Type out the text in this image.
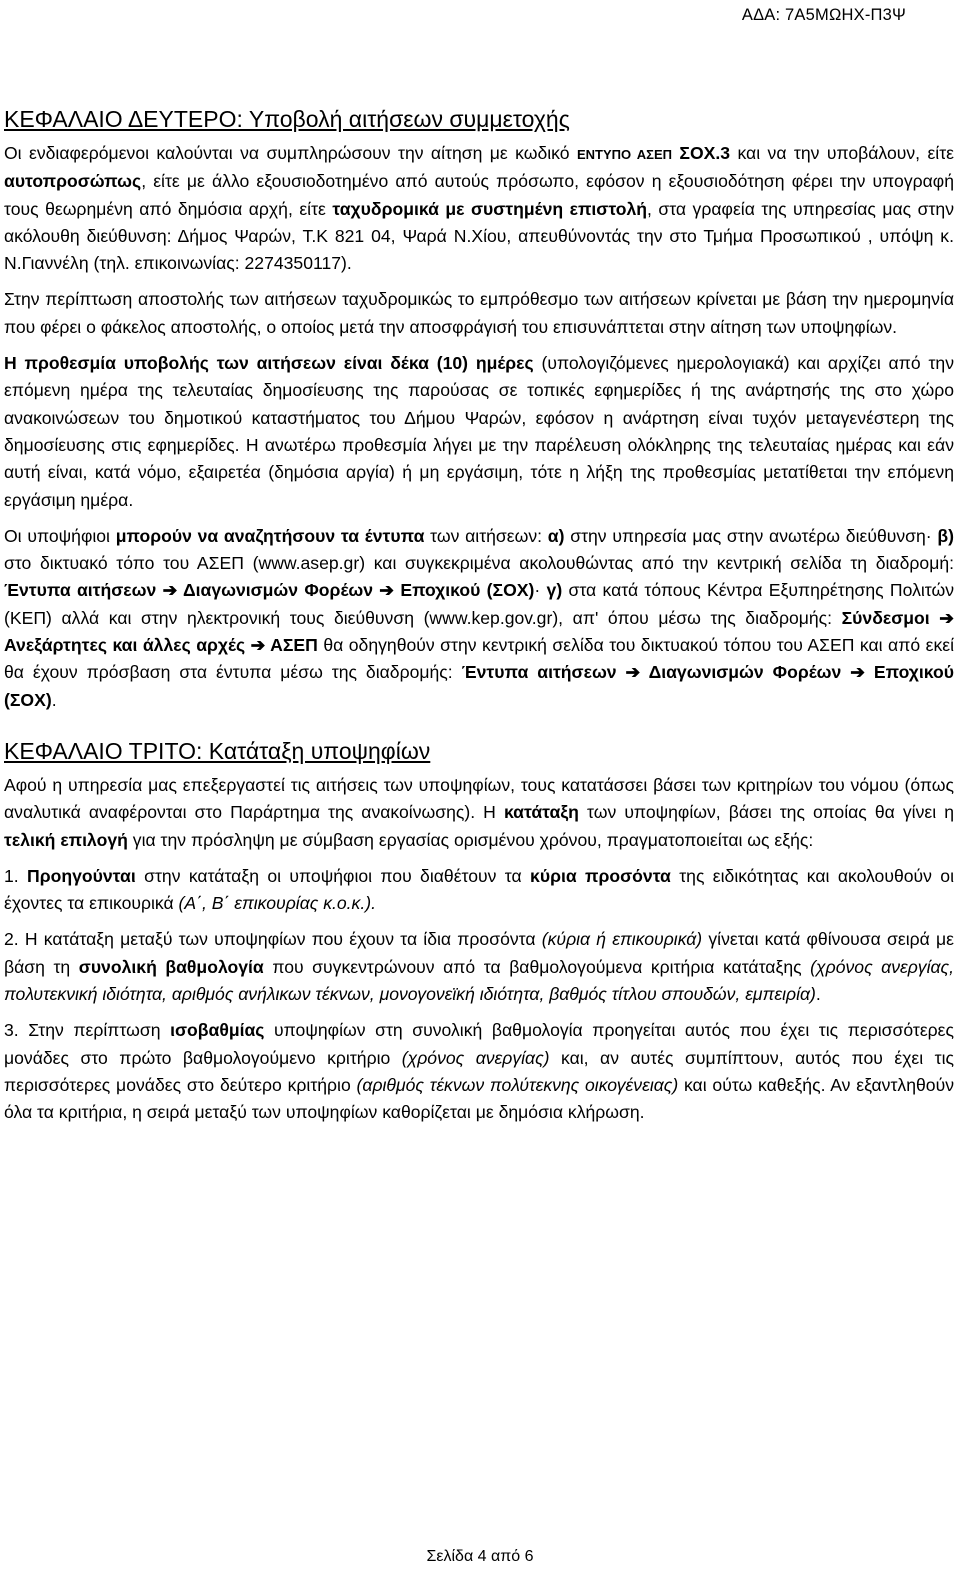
ΑΔΑ: 7Α5ΜΩΗΧ-Π3Ψ
ΚΕΦΑΛΑΙΟ ΔΕΥΤΕΡΟ: Υποβολή αιτήσεων συμμετοχής

Οι ενδιαφερόμενοι καλούνται να συμπληρώσουν την αίτηση με κωδικό ΕΝΤΥΠΟ ΑΣΕΠ ΣΟΧ.3 και να την υποβάλουν, είτε αυτοπροσώπως, είτε με άλλο εξουσιοδοτημένο από αυτούς πρόσωπο, εφόσον η εξουσιοδότηση φέρει την υπογραφή τους θεωρημένη από δημόσια αρχή, είτε ταχυδρομικά με συστημένη επιστολή, στα γραφεία της υπηρεσίας μας στην ακόλουθη διεύθυνση: Δήμος Ψαρών, Τ.Κ 821 04, Ψαρά Ν.Χίου, απευθύνοντάς την στο Τμήμα Προσωπικού , υπόψη κ. Ν.Γιαννέλη (τηλ. επικοινωνίας: 2274350117).

Στην περίπτωση αποστολής των αιτήσεων ταχυδρομικώς το εμπρόθεσμο των αιτήσεων κρίνεται με βάση την ημερομηνία που φέρει ο φάκελος αποστολής, ο οποίος μετά την αποσφράγισή του επισυνάπτεται στην αίτηση των υποψηφίων.

Η προθεσμία υποβολής των αιτήσεων είναι δέκα (10) ημέρες (υπολογιζόμενες ημερολογιακά) και αρχίζει από την επόμενη ημέρα της τελευταίας δημοσίευσης της παρούσας σε τοπικές εφημερίδες ή της ανάρτησής της στο χώρο ανακοινώσεων του δημοτικού καταστήματος του Δήμου Ψαρών, εφόσον η ανάρτηση είναι τυχόν μεταγενέστερη της δημοσίευσης στις εφημερίδες. Η ανωτέρω προθεσμία λήγει με την παρέλευση ολόκληρης της τελευταίας ημέρας και εάν αυτή είναι, κατά νόμο, εξαιρετέα (δημόσια αργία) ή μη εργάσιμη, τότε η λήξη της προθεσμίας μετατίθεται την επόμενη εργάσιμη ημέρα.

Οι υποψήφιοι μπορούν να αναζητήσουν τα έντυπα των αιτήσεων: α) στην υπηρεσία μας στην ανωτέρω διεύθυνση· β) στο δικτυακό τόπο του ΑΣΕΠ (www.asep.gr) και συγκεκριμένα ακολουθώντας από την κεντρική σελίδα τη διαδρομή: Έντυπα αιτήσεων ➔ Διαγωνισμών Φορέων ➔ Εποχικού (ΣΟΧ)· γ) στα κατά τόπους Κέντρα Εξυπηρέτησης Πολιτών (ΚΕΠ) αλλά και στην ηλεκτρονική τους διεύθυνση (www.kep.gov.gr), απ' όπου μέσω της διαδρομής: Σύνδεσμοι ➔ Ανεξάρτητες και άλλες αρχές ➔ ΑΣΕΠ θα οδηγηθούν στην κεντρική σελίδα του δικτυακού τόπου του ΑΣΕΠ και από εκεί θα έχουν πρόσβαση στα έντυπα μέσω της διαδρομής: Έντυπα αιτήσεων ➔ Διαγωνισμών Φορέων ➔ Εποχικού (ΣΟΧ).

ΚΕΦΑΛΑΙΟ ΤΡΙΤΟ: Κατάταξη υποψηφίων

Αφού η υπηρεσία μας επεξεργαστεί τις αιτήσεις των υποψηφίων, τους κατατάσσει βάσει των κριτηρίων του νόμου (όπως αναλυτικά αναφέρονται στο Παράρτημα της ανακοίνωσης). Η κατάταξη των υποψηφίων, βάσει της οποίας θα γίνει η τελική επιλογή για την πρόσληψη με σύμβαση εργασίας ορισμένου χρόνου, πραγματοποιείται ως εξής:

1. Προηγούνται στην κατάταξη οι υποψήφιοι που διαθέτουν τα κύρια προσόντα της ειδικότητας και ακολουθούν οι έχοντες τα επικουρικά (Α΄, Β΄ επικουρίας κ.ο.κ.).

2. Η κατάταξη μεταξύ των υποψηφίων που έχουν τα ίδια προσόντα (κύρια ή επικουρικά) γίνεται κατά φθίνουσα σειρά με βάση τη συνολική βαθμολογία που συγκεντρώνουν από τα βαθμολογούμενα κριτήρια κατάταξης (χρόνος ανεργίας, πολυτεκνική ιδιότητα, αριθμός ανήλικων τέκνων, μονογονεϊκή ιδιότητα, βαθμός τίτλου σπουδών, εμπειρία).

3. Στην περίπτωση ισοβαθμίας υποψηφίων στη συνολική βαθμολογία προηγείται αυτός που έχει τις περισσότερες μονάδες στο πρώτο βαθμολογούμενο κριτήριο (χρόνος ανεργίας) και, αν αυτές συμπίπτουν, αυτός που έχει τις περισσότερες μονάδες στο δεύτερο κριτήριο (αριθμός τέκνων πολύτεκνης οικογένειας) και ούτω καθεξής. Αν εξαντληθούν όλα τα κριτήρια, η σειρά μεταξύ των υποψηφίων καθορίζεται με δημόσια κλήρωση.

Σελίδα 4 από 6
